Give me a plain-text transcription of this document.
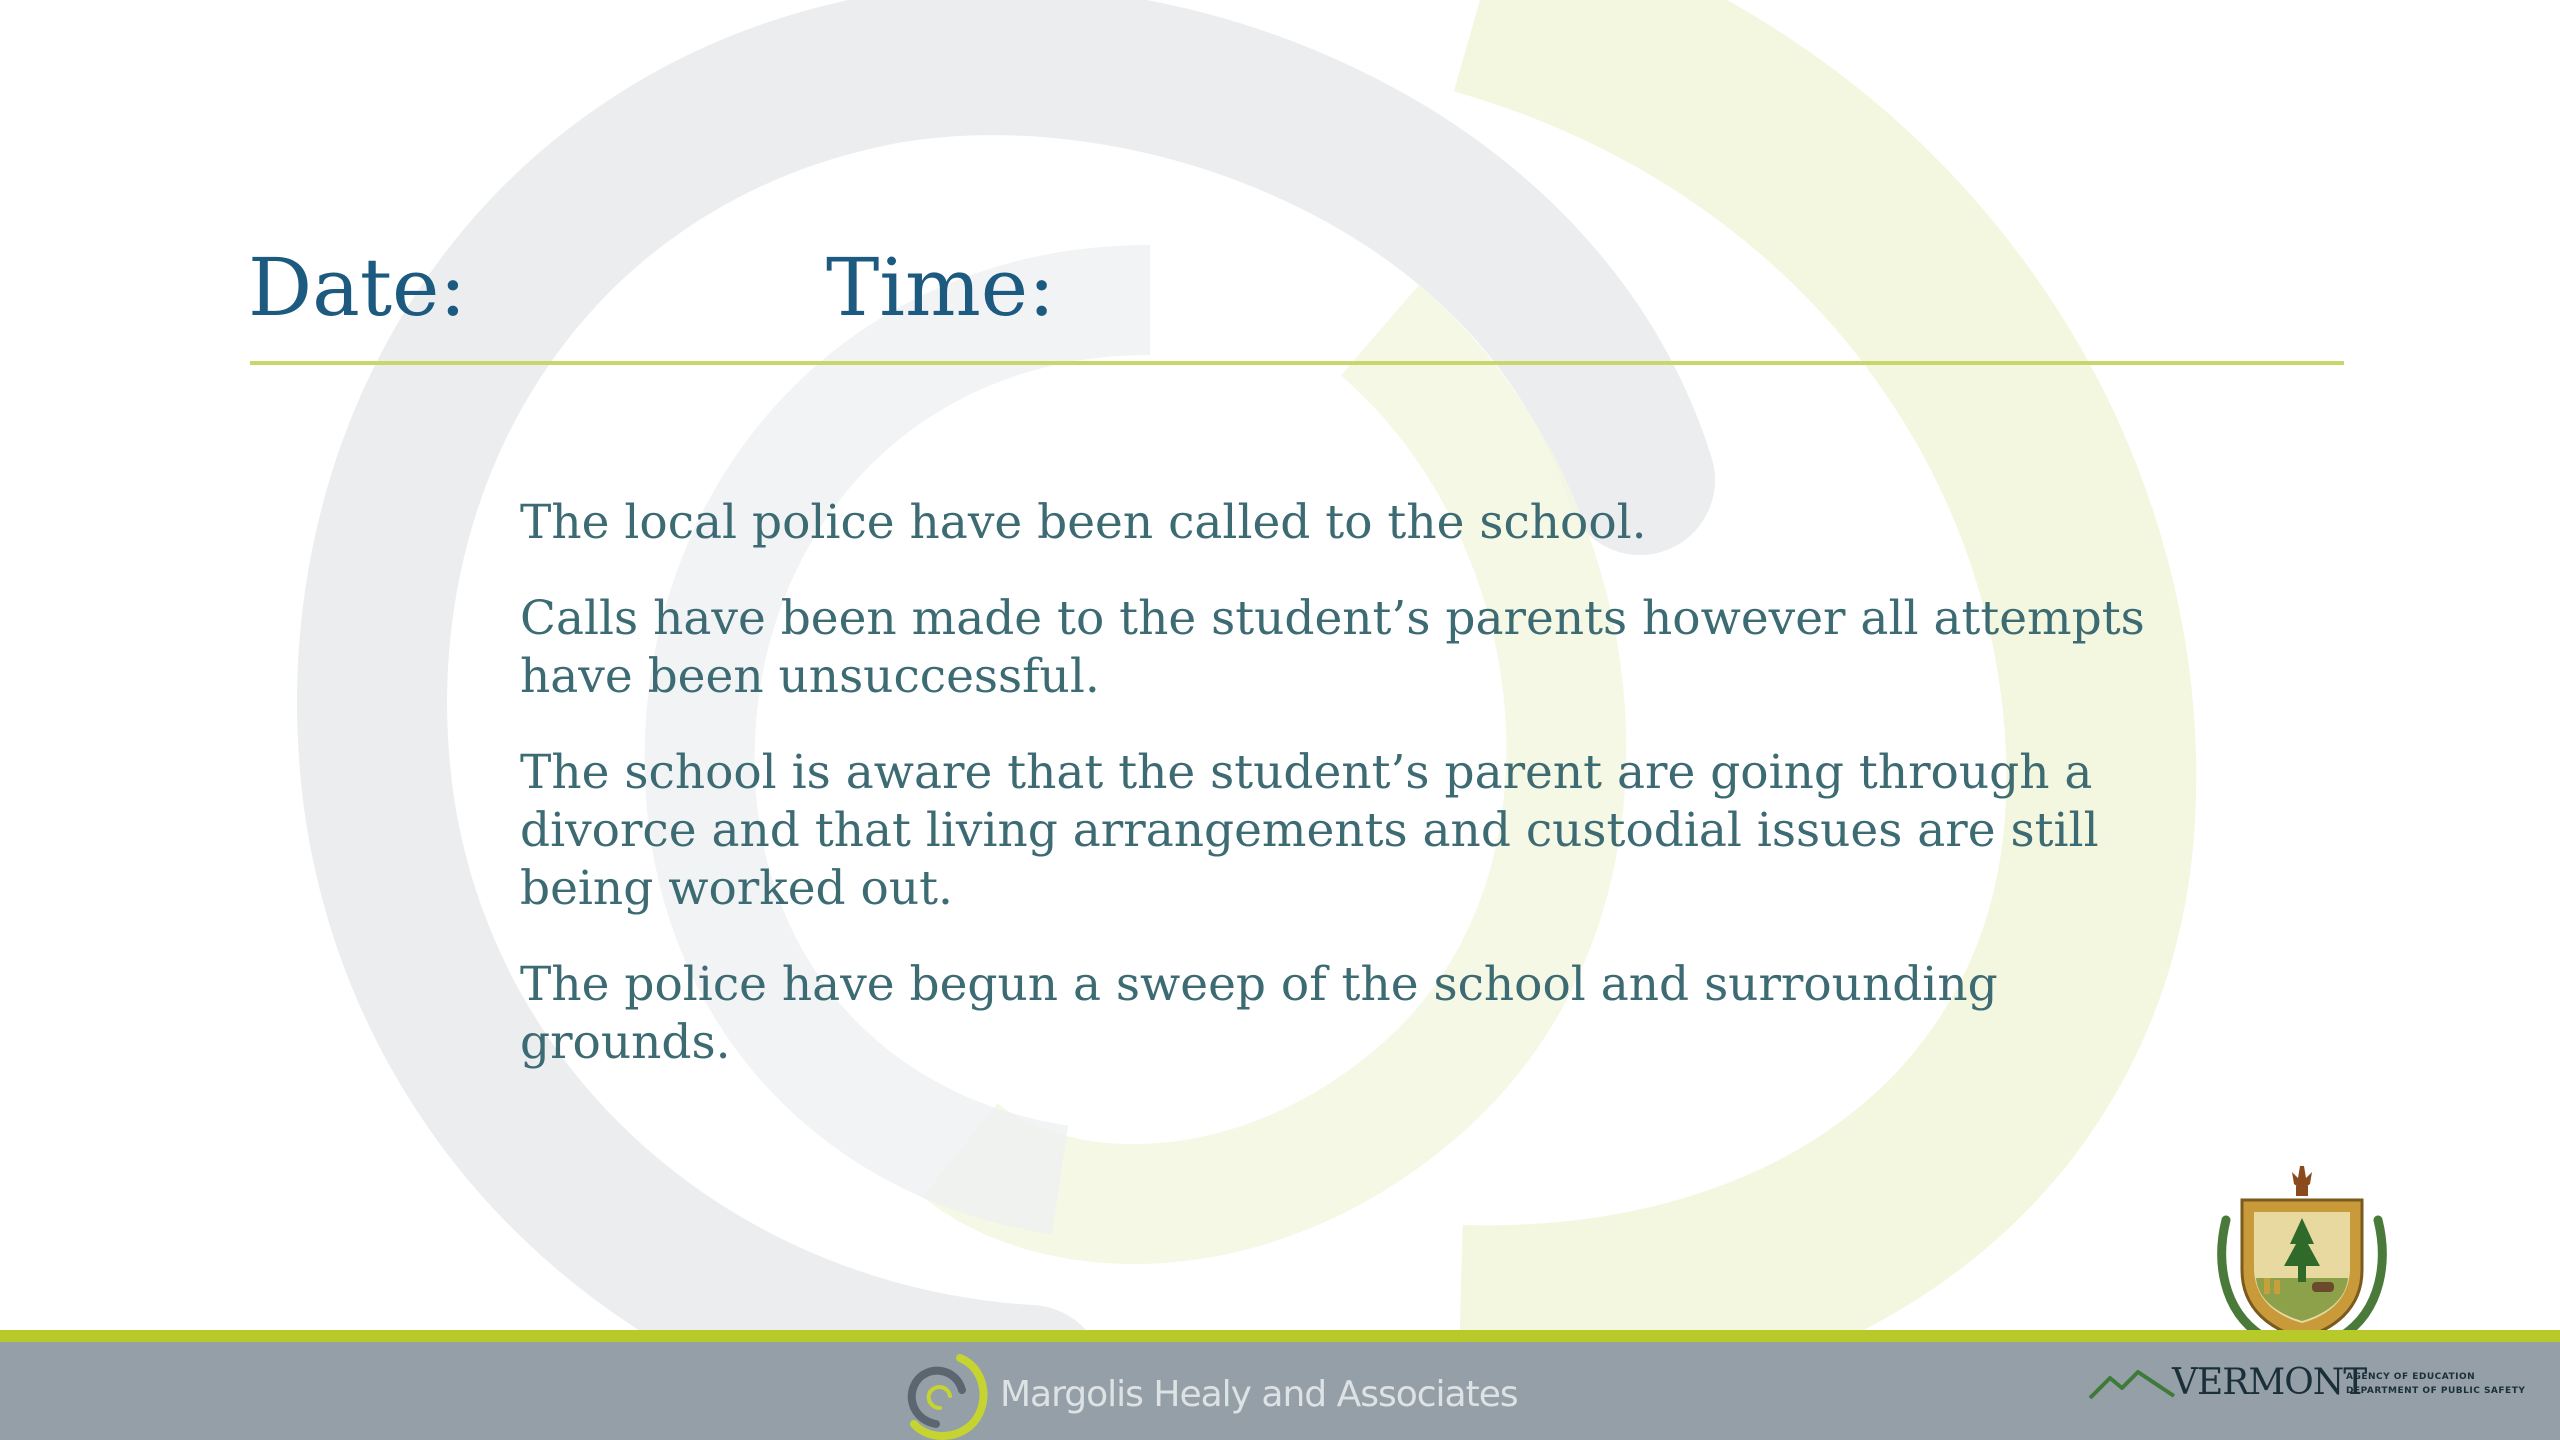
Date:	Time:

The local police have been called to the school.

Calls have been made to the student’s parents however all attempts have been unsuccessful.

The school is aware that the student’s parent are going through a divorce and that living arrangements and custodial issues are still being worked out.

The police have begun a sweep of the school and surrounding grounds.

Margolis Healy and Associates	VERMONT
AGENCY OF EDUCATION
DEPARTMENT OF PUBLIC SAFETY
